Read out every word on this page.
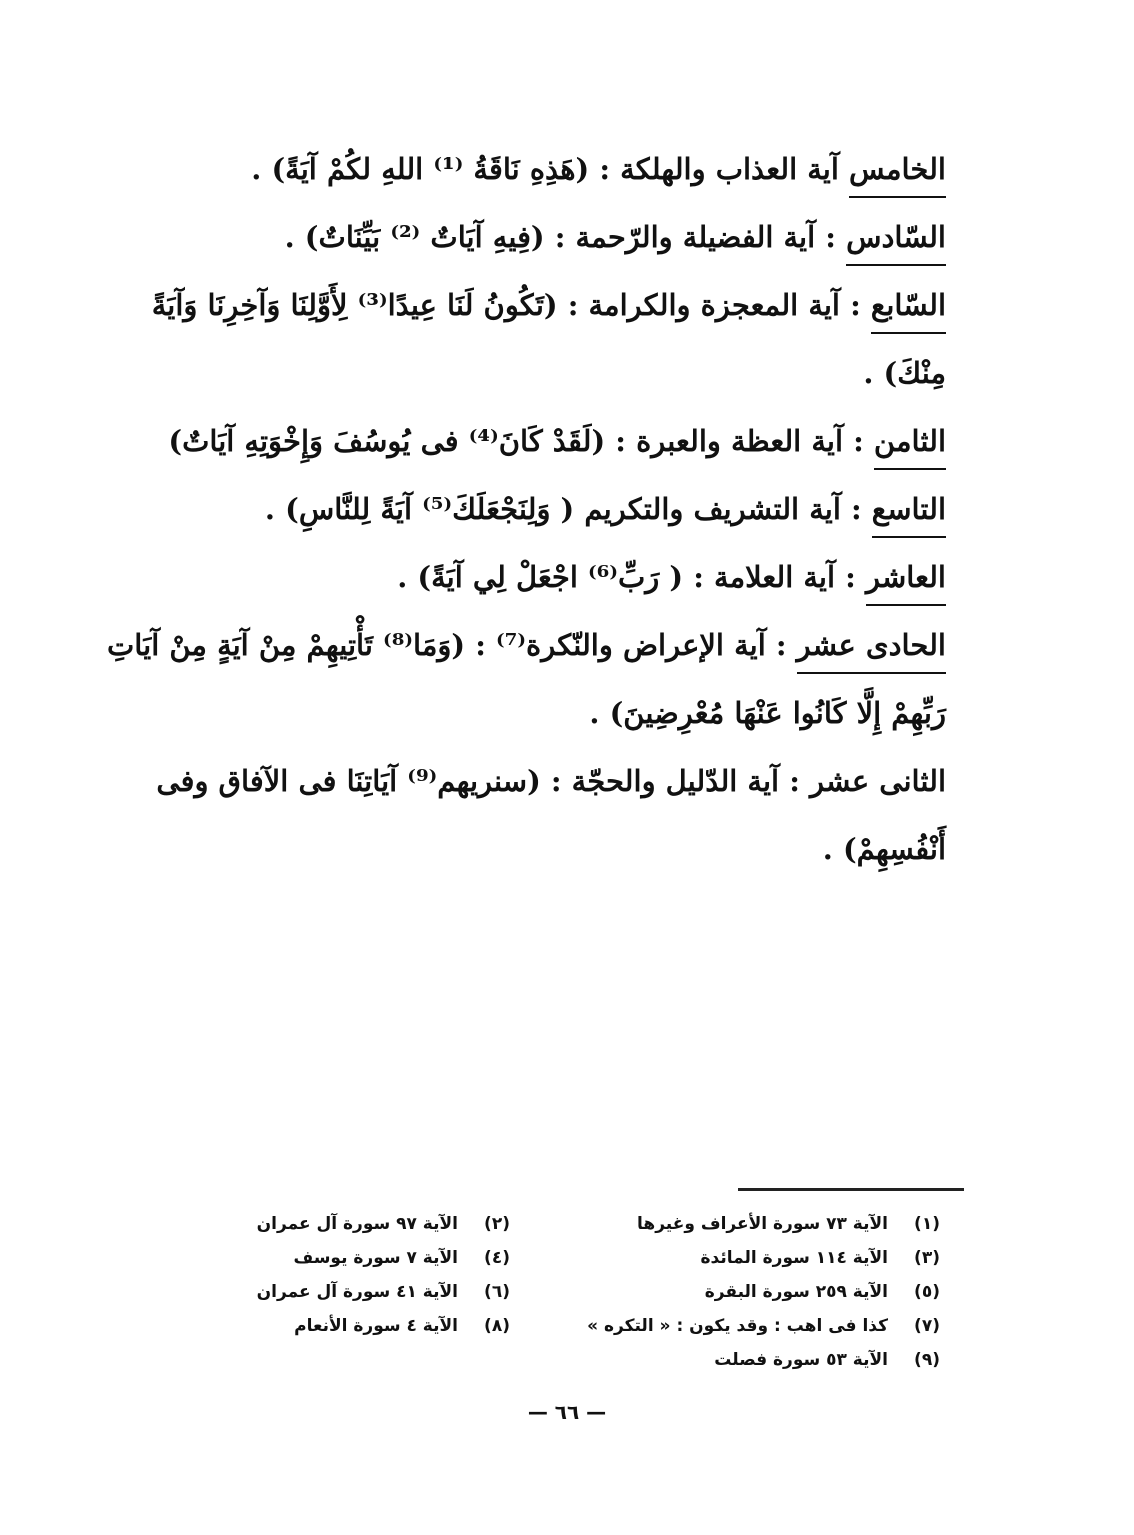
الخامس آية العذاب والهلكة : (هَذِهِ نَاقَةُ ⁽¹⁾ اللهِ لكُمْ آيَةً) .

السّادس : آية الفضيلة والرّحمة : (فِيهِ آيَاتٌ ⁽²⁾ بَيِّنَاتٌ) .

السّابع : آية المعجزة والكرامة : (تَكُونُ لَنَا عِيدًا⁽³⁾ لِأَوَّلِنَا وَآخِرِنَا وَآيَةً مِنْكَ) .

الثامن : آية العظة والعبرة : (لَقَدْ كَانَ⁽⁴⁾ فى يُوسُفَ وَإِخْوَتِهِ آيَاتٌ)

التاسع : آية التشريف والتكريم ( وَلِنَجْعَلَكَ⁽⁵⁾ آيَةً لِلنَّاسِ) .

العاشر : آية العلامة : ( رَبِّ⁽⁶⁾ اجْعَلْ لِي آيَةً) .

الحادى عشر : آية الإعراض والنّكرة⁽⁷⁾ : (وَمَا⁽⁸⁾ تَأْتِيهِمْ مِنْ آيَةٍ مِنْ آيَاتِ رَبِّهِمْ إِلَّا كَانُوا عَنْهَا مُعْرِضِينَ) .

الثانى عشر : آية الدّليل والحجّة : (سنريهم⁽⁹⁾ آيَاتِنَا فى الآفاق وفى أَنْفُسِهِمْ) .

(١)الآية ٧٣ سورة الأعراف وغيرها
(٣)الآية ١١٤ سورة المائدة
(٥)الآية ٢٥٩ سورة البقرة
(٧)كذا فى اهب : وقد يكون : « التكره »
(٩)الآية ٥٣ سورة فصلت
(٢)الآية ٩٧ سورة آل عمران
(٤)الآية ٧ سورة يوسف
(٦)الآية ٤١ سورة آل عمران
(٨)الآية ٤ سورة الأنعام
— ٦٦ —
